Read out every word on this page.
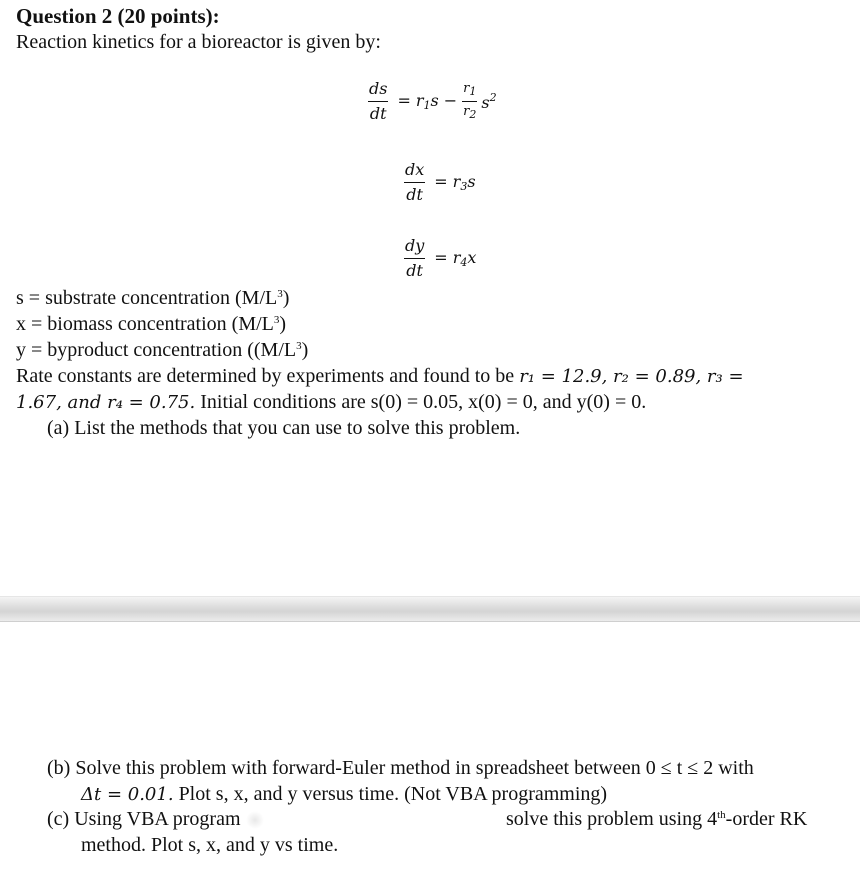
Question 2 (20 points):
Reaction kinetics for a bioreactor is given by:
$\frac{ds}{dt} = r_1s - \frac{r_1}{r_2} s^2$
$\frac{dx}{dt} = r_3s$
$\frac{dy}{dt} = r_4x$
s = substrate concentration $(M/L^3)$
x = biomass concentration $(M/L^3)$
y = byproduct concentration ($(M/L^3)$
Rate constants are determined by experiments and found to be r₁ = 12.9, r₂ = 0.89, r₃ =
1.67, and r₄ = 0.75. Initial conditions are s(0) = 0.05, x(0) = 0, and y(0) = 0.
(a) List the methods that you can use to solve this problem.
(b) Solve this problem with forward-Euler method in spreadsheet between 0 ≤ t ≤ 2 with
Δt = 0.01. Plot s, x, and y versus time. (Not VBA programming)
(c) Using VBA program	solve this problem using 4th-order RK
method. Plot s, x, and y vs time.
